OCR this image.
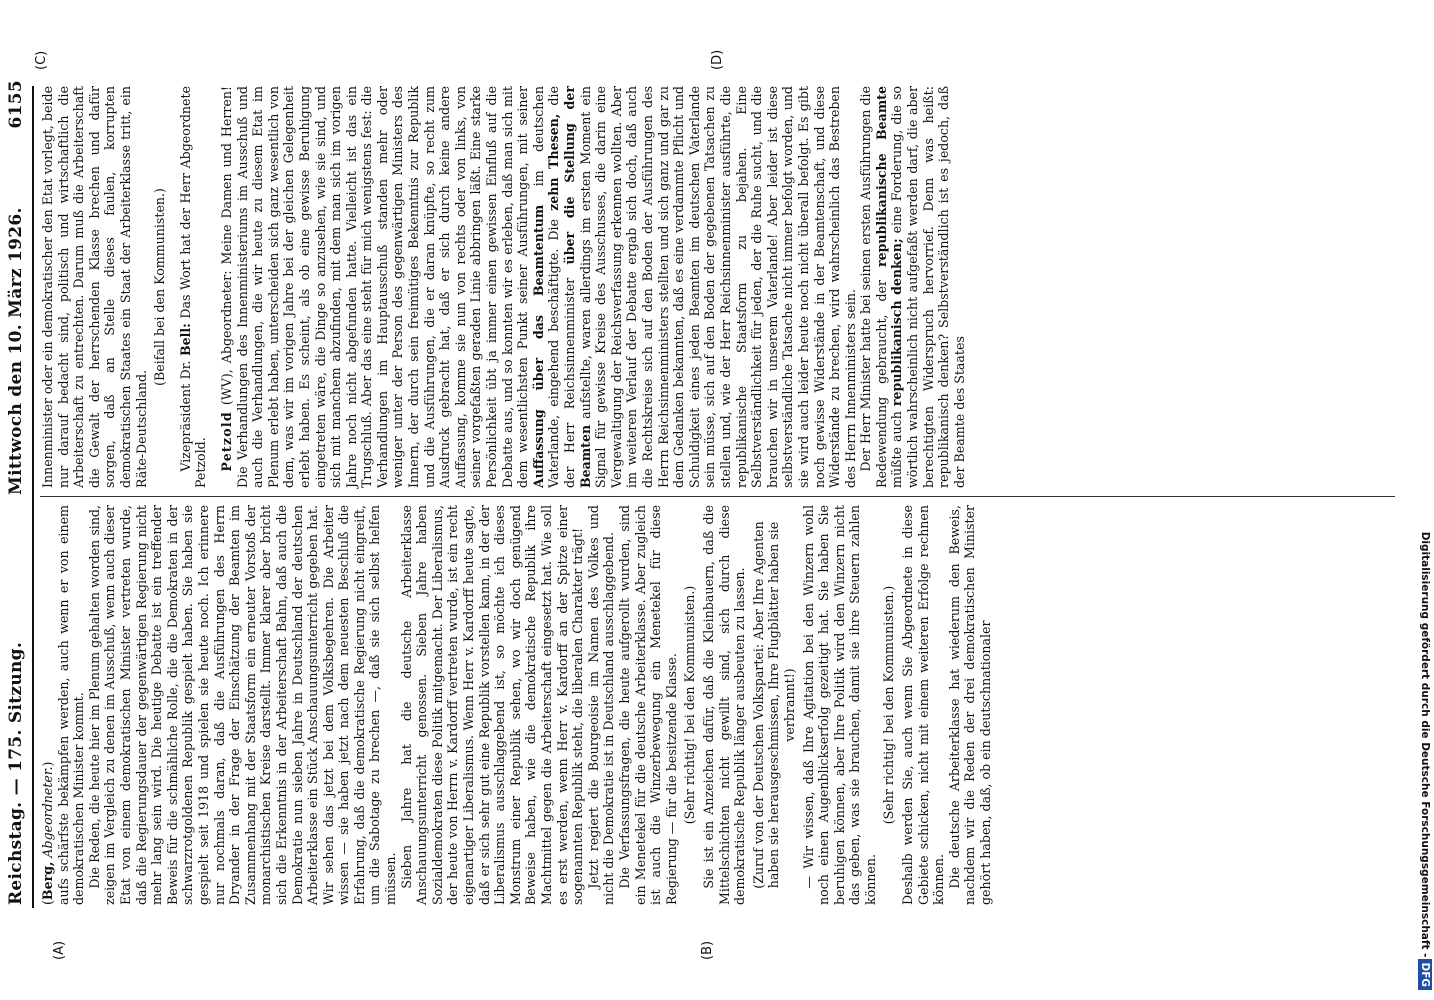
Reichstag. — 175. Sitzung.
Mittwoch den 10. März 1926.
6155
(A)	(B)
(C)	(D)

(Berg, Abgeordneter.) aufs schärfste bekämpfen werden, auch wenn er von einem demokratischen Minister kommt. Die Reden, die heute hier im Plenum gehalten worden sind, zeigen im Vergleich zu denen im Ausschuß, wenn auch dieser Etat von einem demokratischen Minister vertreten wurde, daß die Regierungsdauer der gegenwärtigen Regierung nicht mehr lang sein wird. Die heutige Debatte ist ein treffender Beweis für die schmähliche Rolle, die die Demokraten in der schwarzrotgoldenen Republik gespielt haben. Sie haben sie gespielt seit 1918 und spielen sie heute noch. Ich erinnere nur nochmals daran, daß die Ausführungen des Herrn Dryander in der Frage der Einschätzung der Beamten im Zusammenhang mit der Staatsform ein erneuter Vorstoß der monarchistischen Kreise darstellt. Immer klarer aber bricht sich die Erkenntnis in der Arbeiterschaft Bahn, daß auch die Demokratie nun sieben Jahre in Deutschland der deutschen Arbeiterklasse ein Stück Anschauungsunterricht gegeben hat. Wir sehen das jetzt bei dem Volksbegehren. Die Arbeiter wissen — sie haben jetzt nach dem neuesten Beschluß die Erfahrung, daß die demokratische Regierung nicht eingreift, um die Sabotage zu brechen —, daß sie sich selbst helfen müssen. Sieben Jahre hat die deutsche Arbeiterklasse Anschauungsunterricht genossen. Sieben Jahre haben Sozialdemokraten diese Politik mitgemacht. Der Liberalismus, der heute von Herrn v. Kardorff vertreten wurde, ist ein recht eigenartiger Liberalismus. Wenn Herr v. Kardorff heute sagte, daß er sich sehr gut eine Republik vorstellen kann, in der der Liberalismus ausschlaggebend ist, so möchte ich dieses Monstrum einer Republik sehen, wo wir doch genügend Beweise haben, wie die demokratische Republik ihre Machtmittel gegen die Arbeiterschaft eingesetzt hat. Wie soll es erst werden, wenn Herr v. Kardorff an der Spitze einer sogenannten Republik steht, die liberalen Charakter trägt! Jetzt regiert die Bourgeoisie im Namen des Volkes und nicht die Demokratie ist in Deutschland ausschlaggebend. Die Verfassungsfragen, die heute aufgerollt wurden, sind ein Menetekel für die deutsche Arbeiterklasse. Aber zugleich ist auch die Winzerbewegung ein Menetekel für diese Regierung — für die besitzende Klasse. (Sehr richtig! bei den Kommunisten.) Sie ist ein Anzeichen dafür, daß die Kleinbauern, daß die Mittelschichten nicht gewillt sind, sich durch diese demokratische Republik länger ausbeuten zu lassen. (Zuruf von der Deutschen Volkspartei: Aber Ihre Agenten haben sie herausgeschmissen, Ihre Flugblätter haben sie verbrannt!) — Wir wissen, daß Ihre Agitation bei den Winzern wohl noch einen Augenblickserfolg gezeitigt hat. Sie haben Sie beruhigen können, aber Ihre Politik wird den Winzern nicht das geben, was sie brauchen, damit sie ihre Steuern zahlen können.

(Sehr richtig! bei den Kommunisten.) Deshalb werden Sie, auch wenn Sie Abgeordnete in diese Gebiete schicken, nicht mit einem weiteren Erfolge rechnen können. Die deutsche Arbeiterklasse hat wiederum den Beweis, nachdem wir die Reden der drei demokratischen Minister gehört haben, daß, ob ein deutschnationaler

Innenminister oder ein demokratischer den Etat vorlegt, beide nur darauf bedacht sind, politisch und wirtschaftlich die Arbeiterschaft zu entrechten. Darum muß die Arbeiterschaft die Gewalt der herrschenden Klasse brechen und dafür sorgen, daß an Stelle dieses faulen, korrupten demokratischen Staates ein Staat der Arbeiterklasse tritt, ein Räte-Deutschland.

(Beifall bei den Kommunisten.)

Vizepräsident Dr. Bell: Das Wort hat der Herr Abgeordnete Petzold. Petzold (WV), Abgeordneter: Meine Damen und Herren! Die Verhandlungen des Innenministeriums im Ausschuß und auch die Verhandlungen, die wir heute zu diesem Etat im Plenum erlebt haben, unterscheiden sich ganz wesentlich von dem, was wir im vorigen Jahre bei der gleichen Gelegenheit erlebt haben. Es scheint, als ob eine gewisse Beruhigung eingetreten wäre, die Dinge so anzusehen, wie sie sind, und sich mit manchem abzufinden, mit dem man sich im vorigen Jahre noch nicht abgefunden hatte. Vielleicht ist das ein Trugschluß. Aber das eine steht für mich wenigstens fest: die Verhandlungen im Hauptausschuß standen mehr oder weniger unter der Person des gegenwärtigen Ministers des Innern, der durch sein freimütiges Bekenntnis zur Republik und die Ausführungen, die er daran knüpfte, so recht zum Ausdruck gebracht hat, daß er sich durch keine andere Auffassung, komme sie nun von rechts oder von links, von seiner vorgefaßten geraden Linie abbringen läßt. Eine starke Persönlichkeit übt ja immer einen gewissen Einfluß auf die Debatte aus, und so konnten wir es erleben, daß man sich mit dem wesentlichsten Punkt seiner Ausführungen, mit seiner Auffassung über das Beamtentum im deutschen Vaterlande, eingehend beschäftigte. Die zehn Thesen, die der Herr Reichsinnenminister über die Stellung der Beamten aufstellte, waren allerdings im ersten Moment ein Signal für gewisse Kreise des Ausschusses, die darin eine Vergewaltigung der Reichsverfassung erkennen wollten. Aber im weiteren Verlauf der Debatte ergab sich doch, daß auch die Rechtskreise sich auf den Boden der Ausführungen des Herrn Reichsinnenministers stellten und sich ganz und gar zu dem Gedanken bekannten, daß es eine verdammte Pflicht und Schuldigkeit eines jeden Beamten im deutschen Vaterlande sein müsse, sich auf den Boden der gegebenen Tatsachen zu stellen und, wie der Herr Reichsinnenminister ausführte, die republikanische Staatsform zu bejahen. Eine Selbstverständlichkeit für jeden, der die Ruhe sucht, und die brauchen wir in unserem Vaterlande! Aber leider ist diese selbstverständliche Tatsache nicht immer befolgt worden, und sie wird auch leider heute noch nicht überall befolgt. Es gibt noch gewisse Widerstände in der Beamtenschaft, und diese Widerstände zu brechen, wird wahrscheinlich das Bestreben des Herrn Innenministers sein. Der Herr Minister hatte bei seinen ersten Ausführungen die Redewendung gebraucht, der republikanische Beamte müßte auch republikanisch denken; eine Forderung, die so wörtlich wahrscheinlich nicht aufgefaßt werden darf, die aber berechtigten Widerspruch hervorrief. Denn was heißt: republikanisch denken? Selbstverständlich ist es jedoch, daß der Beamte des Staates

Digitalisierung gefördert durch die Deutsche Forschungsgemeinschaft -DFG
